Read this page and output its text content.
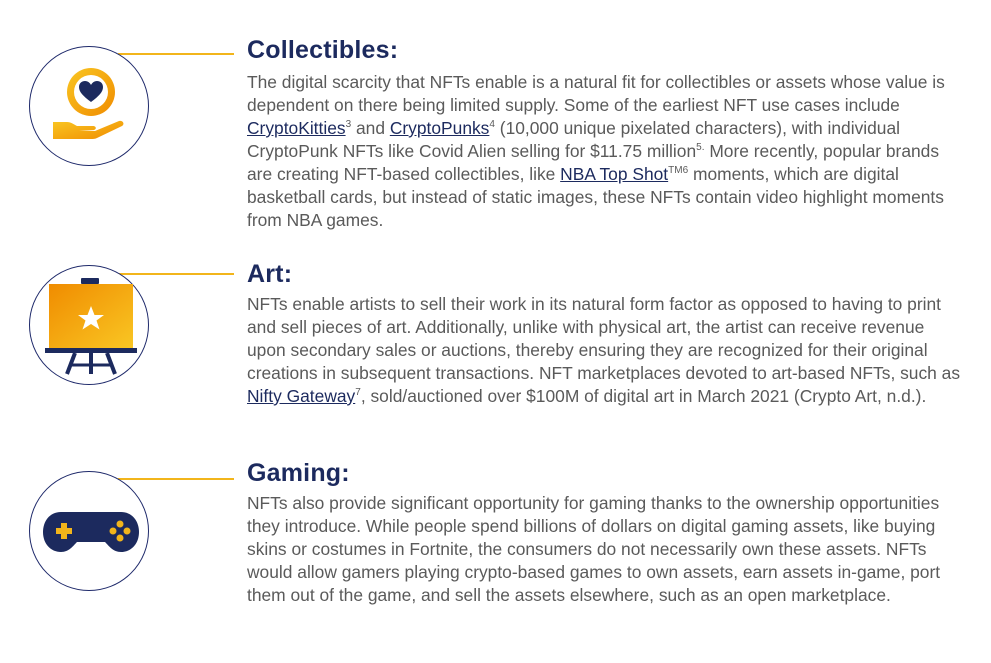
Collectibles:

The digital scarcity that NFTs enable is a natural fit for collectibles or assets whose value is dependent on there being limited supply. Some of the earliest NFT use cases include CryptoKitties$^3$ and CryptoPunks$^4$ (10,000 unique pixelated characters), with individual CryptoPunk NFTs like Covid Alien selling for $11.75 million$^{5.}$ More recently, popular brands are creating NFT-based collectibles, like NBA Top Shot$^{TM6}$ moments, which are digital basketball cards, but instead of static images, these NFTs contain video highlight moments from NBA games.

Art:

NFTs enable artists to sell their work in its natural form factor as opposed to having to print and sell pieces of art. Additionally, unlike with physical art, the artist can receive revenue upon secondary sales or auctions, thereby ensuring they are recognized for their original creations in subsequent transactions. NFT marketplaces devoted to art-based NFTs, such as Nifty Gateway$^7$, sold/auctioned over $100M of digital art in March 2021 (Crypto Art, n.d.).

Gaming:

NFTs also provide significant opportunity for gaming thanks to the ownership opportunities they introduce. While people spend billions of dollars on digital gaming assets, like buying skins or costumes in Fortnite, the consumers do not necessarily own these assets. NFTs would allow gamers playing crypto-based games to own assets, earn assets in-game, port them out of the game, and sell the assets elsewhere, such as an open marketplace.
